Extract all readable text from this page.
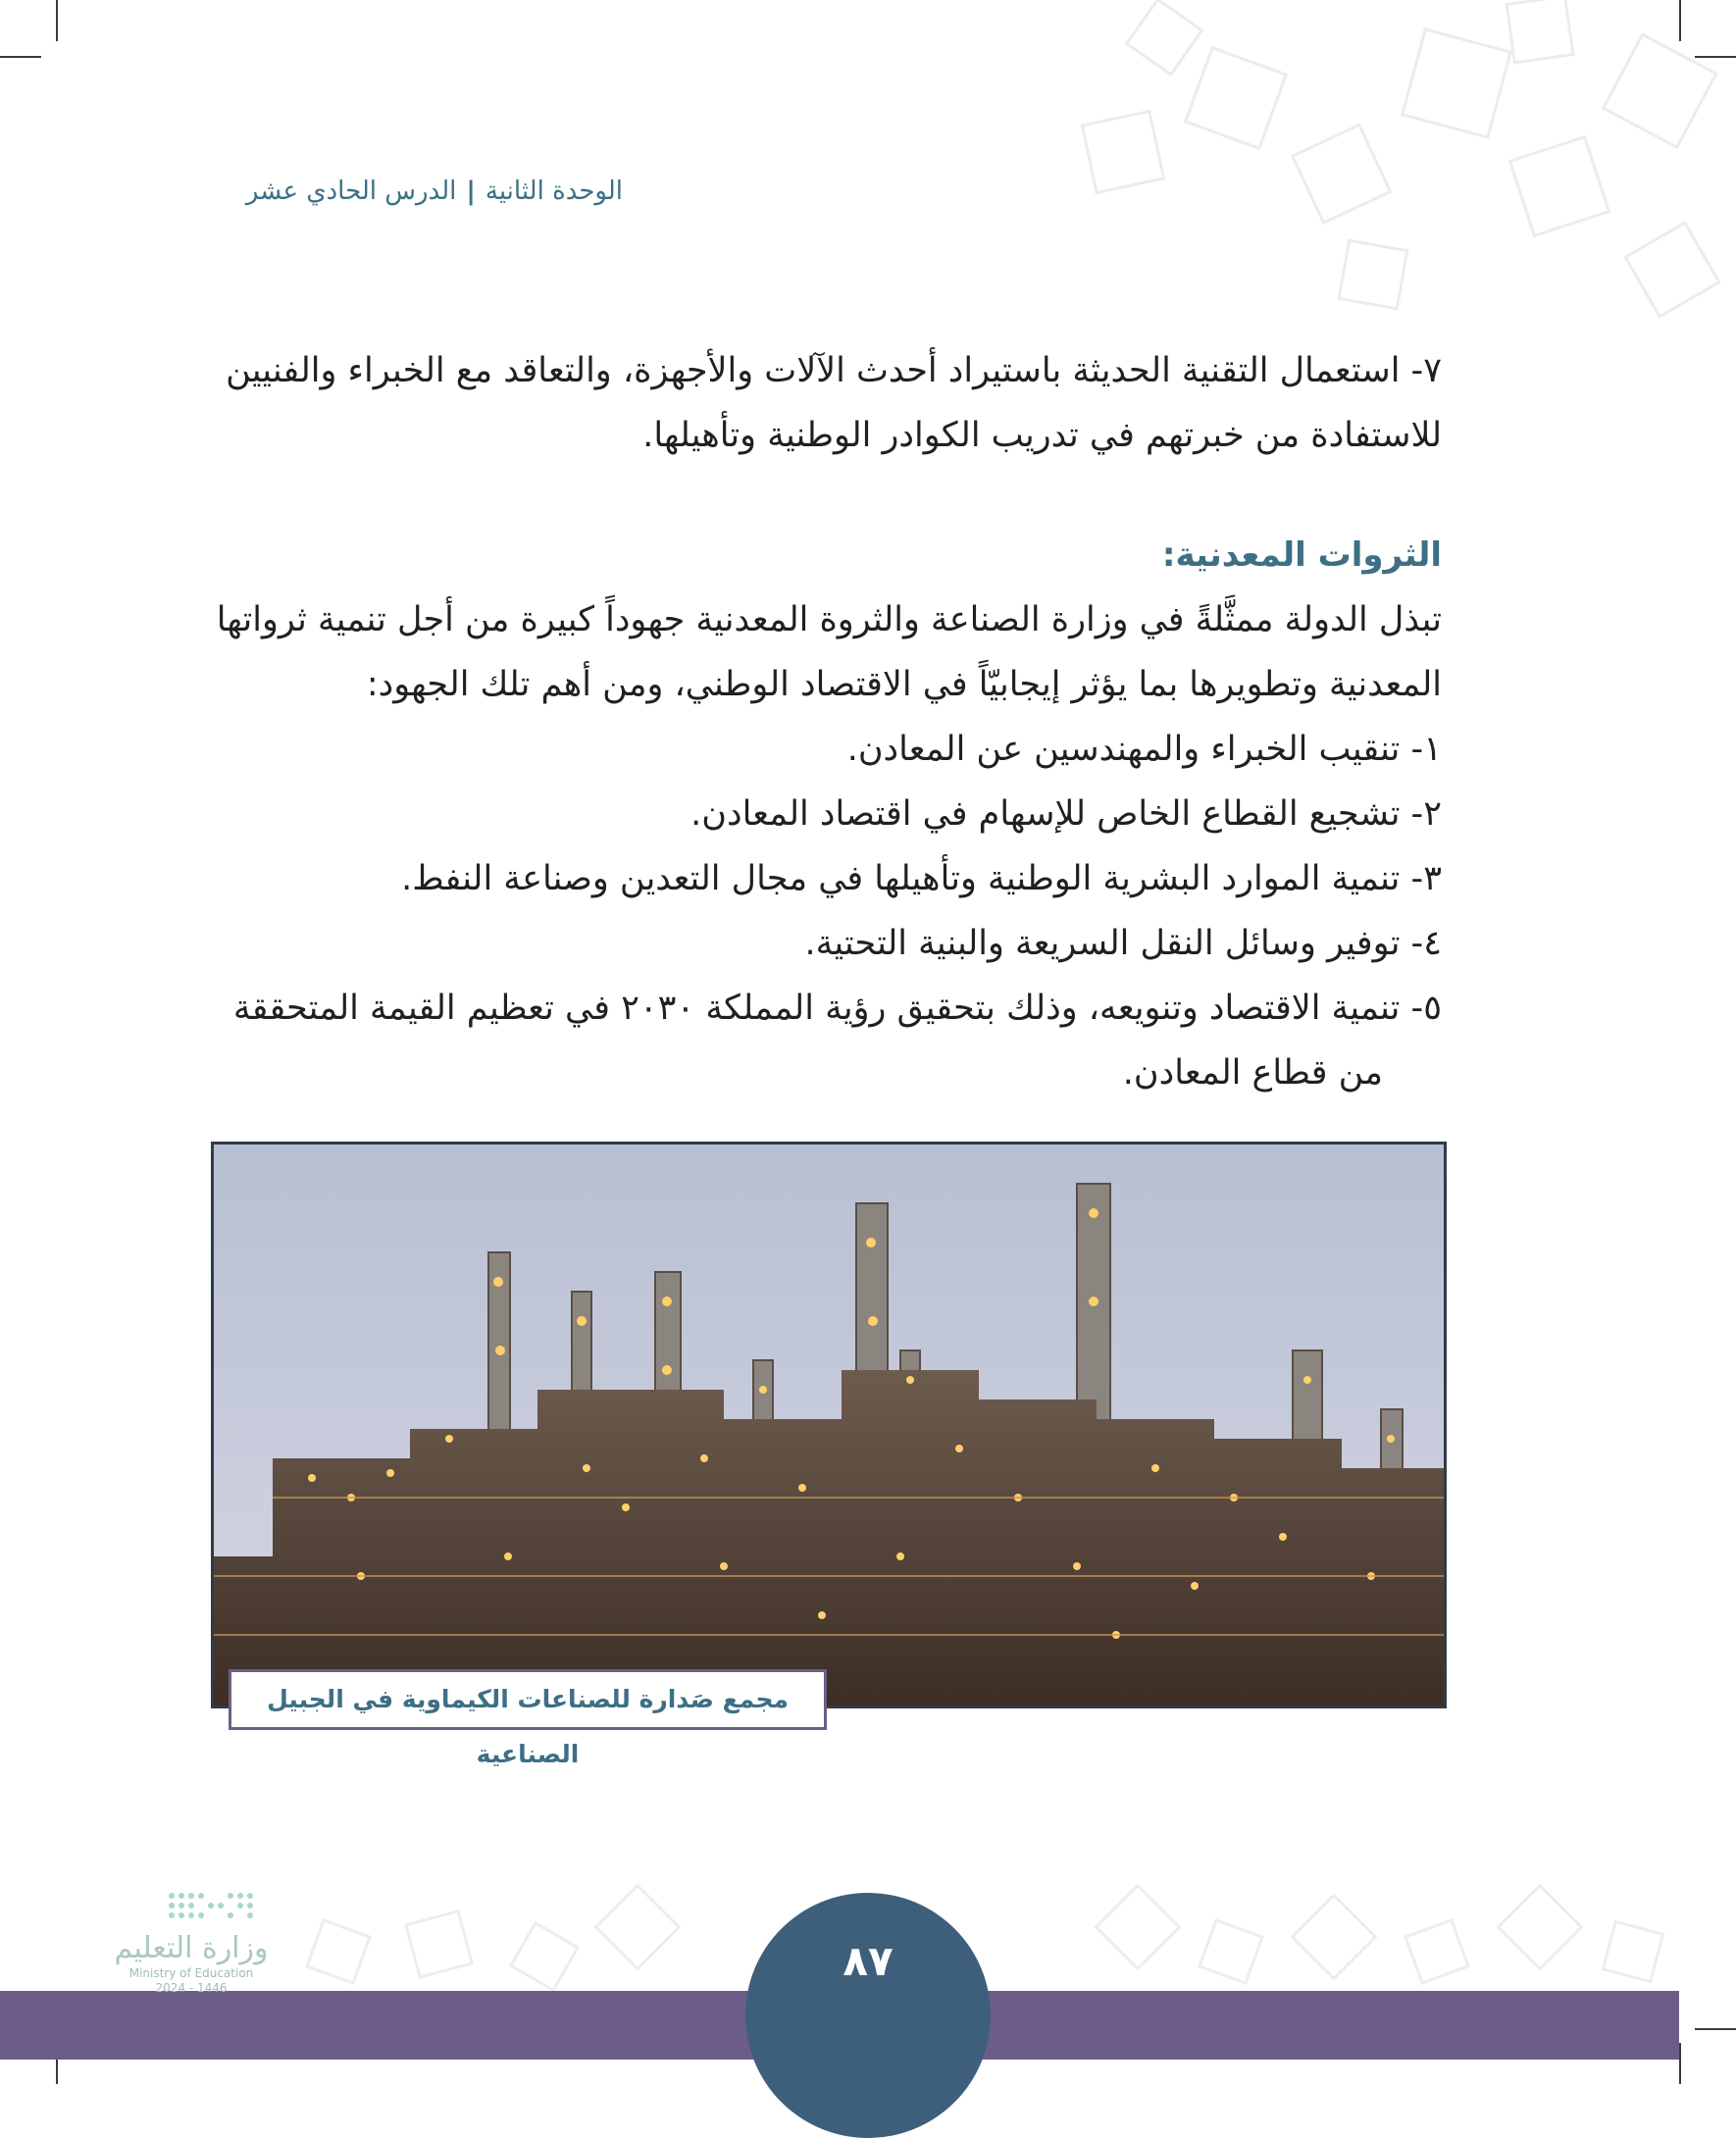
الوحدة الثانية|الدرس الحادي عشر

٧- استعمال التقنية الحديثة باستيراد أحدث الآلات والأجهزة، والتعاقد مع الخبراء والفنيين

للاستفادة من خبرتهم في تدريب الكوادر الوطنية وتأهيلها.

الثروات المعدنية:

تبذل الدولة ممثَّلةً في وزارة الصناعة والثروة المعدنية جهوداً كبيرة من أجل تنمية ثرواتها

المعدنية وتطويرها بما يؤثر إيجابيّاً في الاقتصاد الوطني، ومن أهم تلك الجهود:

١- تنقيب الخبراء والمهندسين عن المعادن.

٢- تشجيع القطاع الخاص للإسهام في اقتصاد المعادن.

٣- تنمية الموارد البشرية الوطنية وتأهيلها في مجال التعدين وصناعة النفط.

٤- توفير وسائل النقل السريعة والبنية التحتية.

٥- تنمية الاقتصاد وتنويعه، وذلك بتحقيق رؤية المملكة ٢٠٣٠ في تعظيم القيمة المتحققة

من قطاع المعادن.

مجمع صَدارة للصناعات الكيماوية في الجبيل الصناعية
٨٧
وزارة التعليم
Ministry of Education
2024 - 1446
